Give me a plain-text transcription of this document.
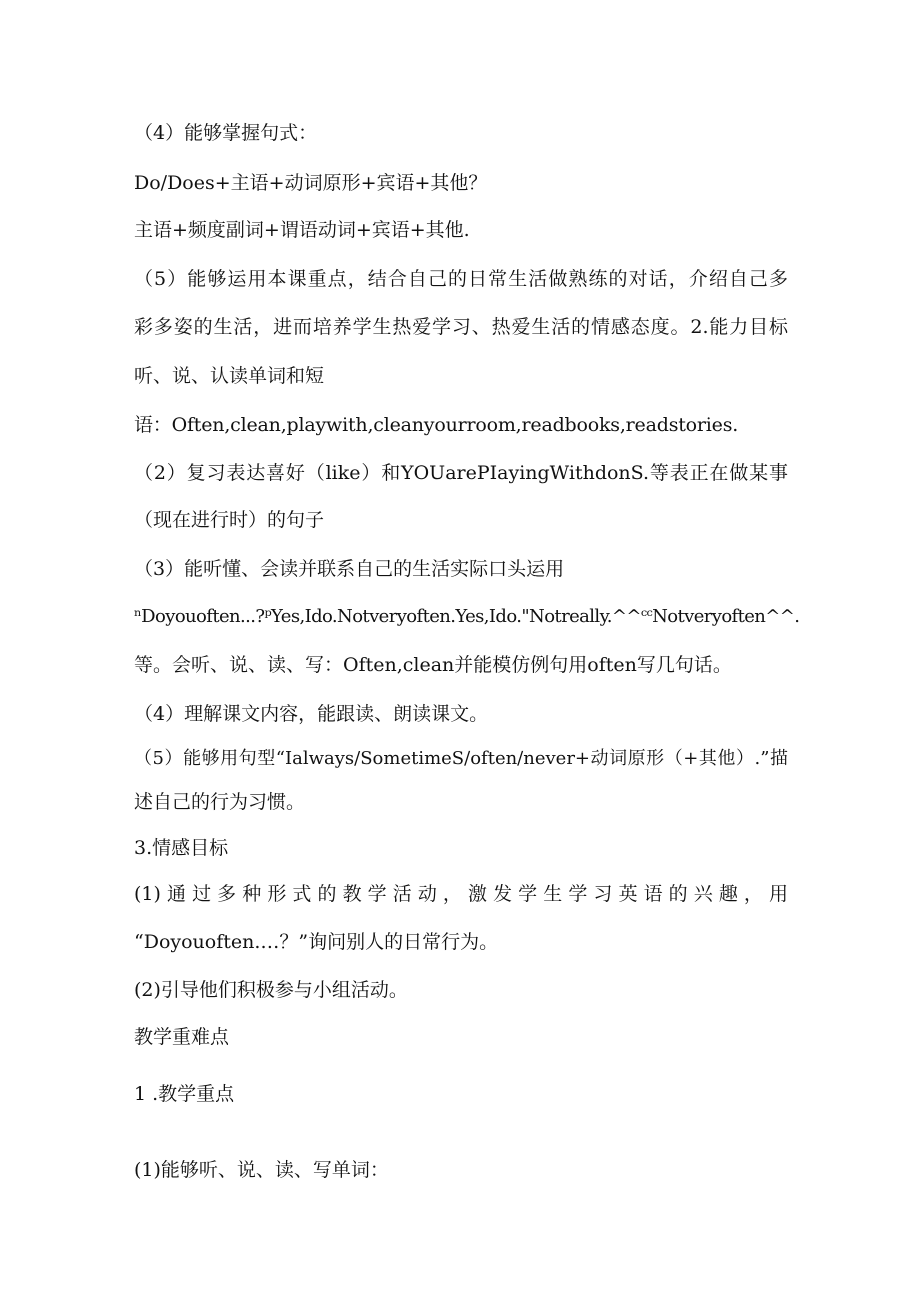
（4）能够掌握句式：

Do∕Does+主语+动词原形+宾语+其他？

主语+频度副词+谓语动词+宾语+其他.

（5）能够运用本课重点，结合自己的日常生活做熟练的对话，介绍自己多

彩多姿的生活，进而培养学生热爱学习、热爱生活的情感态度。2.能力目标

听、说、认读单词和短

语：Often,clean,playwith,cleanyourroom,readbooks,readstories.

（2）复习表达喜好（like）和YOUarePIayingWithdonS.等表正在做某事

（现在进行时）的句子

（3）能听懂、会读并联系自己的生活实际口头运用

ⁿDoyouoften...?ᵖYes,Ido.Notveryoften.Yes,Ido."Notreally.^^ᶜᶜNotveryoften^^.

等。会听、说、读、写：Often,clean并能模仿例句用often写几句话。

（4）理解课文内容，能跟读、朗读课文。

（5）能够用句型“Ialways/SometimeS∕often∕never+动词原形（+其他）.”描

述自己的行为习惯。

3.情感目标

(1)通过多种形式的教学活动，激发学生学习英语的兴趣，用

“Doyouoften.…？”询问别人的日常行为。

(2)引导他们积极参与小组活动。

教学重难点

1 .教学重点

(1)能够听、说、读、写单词：
